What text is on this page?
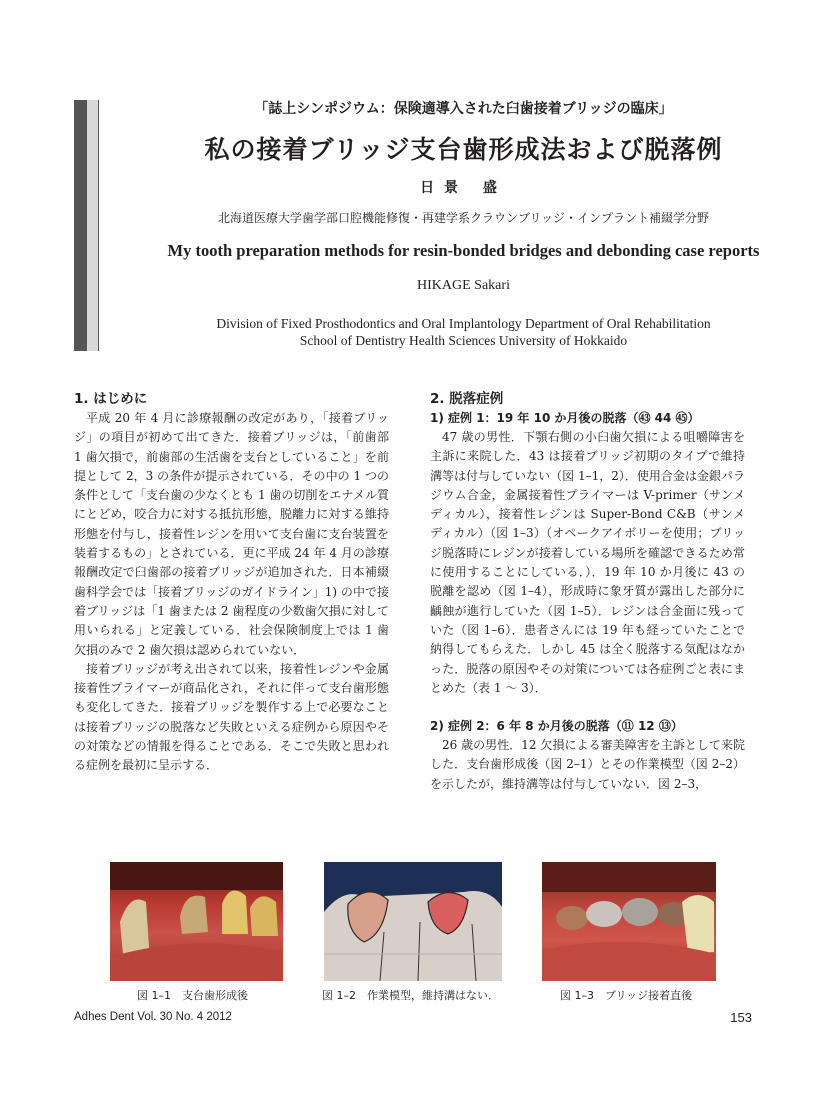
「誌上シンポジウム：保険適導入された臼歯接着ブリッジの臨床」
私の接着ブリッジ支台歯形成法および脱落例
日景 盛
北海道医療大学歯学部口腔機能修復・再建学系クラウンブリッジ・インプラント補綴学分野
My tooth preparation methods for resin-bonded bridges and debonding case reports
HIKAGE Sakari
Division of Fixed Prosthodontics and Oral Implantology Department of Oral Rehabilitation
School of Dentistry Health Sciences University of Hokkaido
1. はじめに

平成 20 年 4 月に診療報酬の改定があり，「接着ブリッジ」の項目が初めて出てきた．接着ブリッジは，「前歯部 1 歯欠損で，前歯部の生活歯を支台としていること」を前提として 2，3 の条件が提示されている．その中の 1 つの条件として「支台歯の少なくとも 1 歯の切削をエナメル質にとどめ，咬合力に対する抵抗形態，脱離力に対する維持形態を付与し，接着性レジンを用いて支台歯に支台装置を装着するもの」とされている．更に平成 24 年 4 月の診療報酬改定で臼歯部の接着ブリッジが追加された．日本補綴歯科学会では「接着ブリッジのガイドライン」1) の中で接着ブリッジは「1 歯または 2 歯程度の少数歯欠損に対して用いられる」と定義している．社会保険制度上では 1 歯欠損のみで 2 歯欠損は認められていない．

接着ブリッジが考え出されて以来，接着性レジンや金属接着性プライマーが商品化され，それに伴って支台歯形態も変化してきた．接着ブリッジを製作する上で必要なことは接着ブリッジの脱落など失敗といえる症例から原因やその対策などの情報を得ることである．そこで失敗と思われる症例を最初に呈示する．

2. 脱落症例
1) 症例 1：19 年 10 か月後の脱落（㊸ 44 ㊺）

47 歳の男性．下顎右側の小臼歯欠損による咀嚼障害を主訴に来院した．43 は接着ブリッジ初期のタイプで維持溝等は付与していない（図 1–1，2）．使用合金は金銀パラジウム合金，金属接着性プライマーは V-primer（サンメディカル），接着性レジンは Super-Bond C&B（サンメディカル）（図 1–3）（オペークアイボリーを使用；ブリッジ脱落時にレジンが接着している場所を確認できるため常に使用することにしている．）．19 年 10 か月後に 43 の脱離を認め（図 1–4），形成時に象牙質が露出した部分に齲蝕が進行していた（図 1–5）．レジンは合金面に残っていた（図 1–6）．患者さんには 19 年も経っていたことで納得してもらえた．しかし 45 は全く脱落する気配はなかった．脱落の原因やその対策については各症例ごと表にまとめた（表 1 ～ 3）．

2) 症例 2：6 年 8 か月後の脱落（⑪ 12 ⑬）

26 歳の男性．12 欠損による審美障害を主訴として来院した．支台歯形成後（図 2–1）とその作業模型（図 2–2）を示したが，維持溝等は付与していない．図 2–3，

図 1–1　支台歯形成後	図 1–2　作業模型，維持溝はない．	図 1–3　ブリッジ接着直後
Adhes Dent Vol. 30 No. 4 2012	153
